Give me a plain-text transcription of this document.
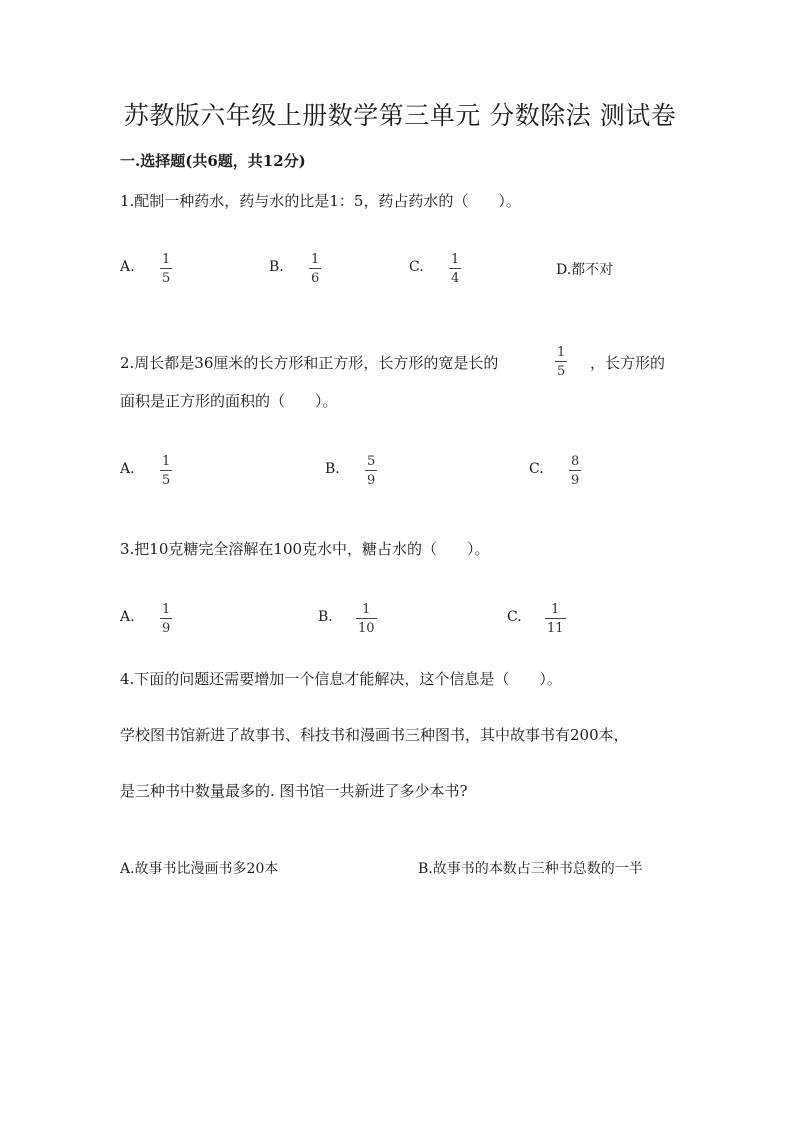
苏教版六年级上册数学第三单元 分数除法 测试卷
一.选择题(共6题，共12分)
1.配制一种药水，药与水的比是1：5，药占药水的（　　）。
A. 1
5
B. 1
6
C. 1
4
D.都不对
2.周长都是36厘米的长方形和正方形，长方形的宽是长的
1
5 ，长方形的
面积是正方形的面积的（　　）。
A. 1
5
B. 5
9
C. 8
9
3.把10克糖完全溶解在100克水中，糖占水的（　　）。
A. 1
9
B. 1
10
C. 1
11
4.下面的问题还需要增加一个信息才能解决，这个信息是（　　）。
学校图书馆新进了故事书、科技书和漫画书三种图书，其中故事书有200本，
是三种书中数量最多的. 图书馆一共新进了多少本书?
A.故事书比漫画书多20本	B.故事书的本数占三种书总数的一半
